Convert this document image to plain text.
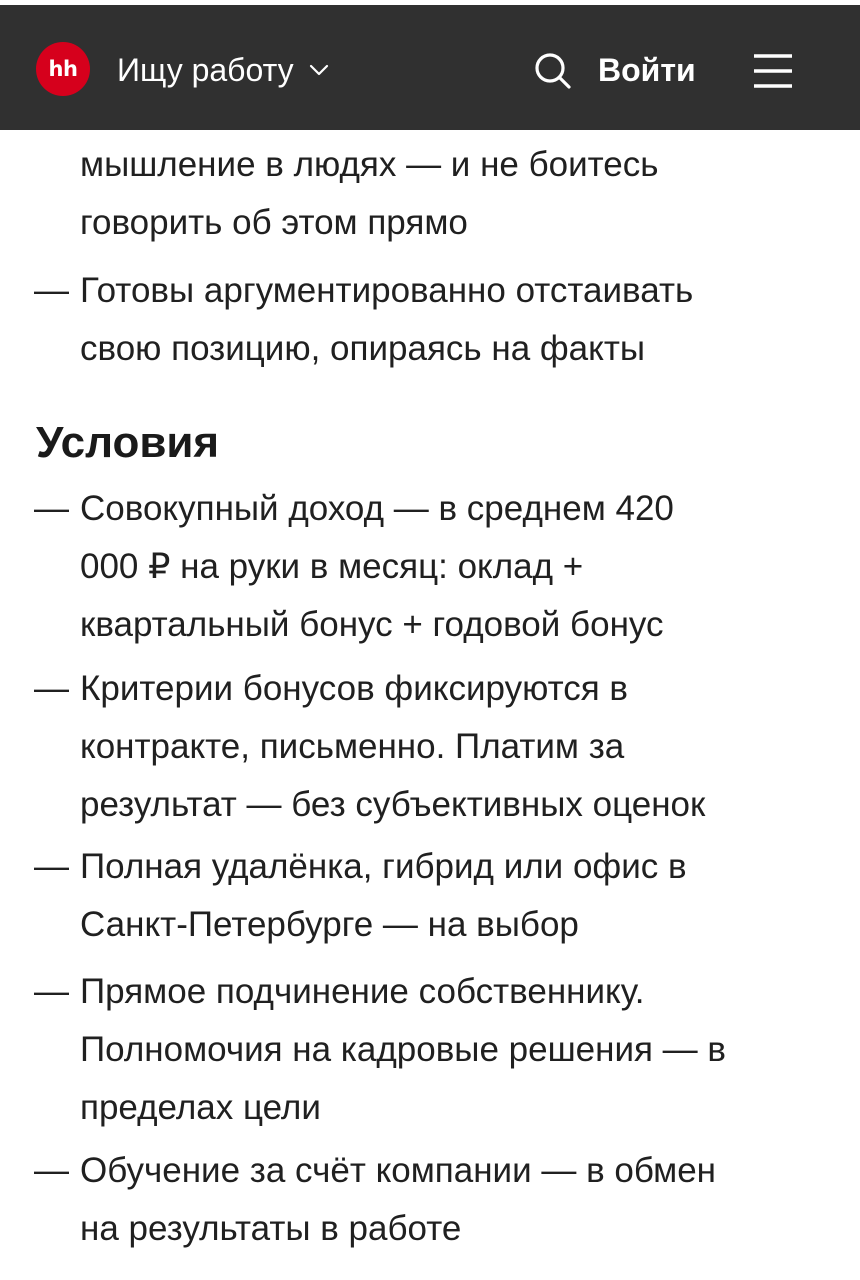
hh	Ищу работу	Войти
мышление в людях — и не боитесь
говорить об этом прямо
— Готовы аргументированно отстаивать
свою позицию, опираясь на факты
Условия
— Совокупный доход — в среднем 420
000 ₽ на руки в месяц: оклад +
квартальный бонус + годовой бонус
— Критерии бонусов фиксируются в
контракте, письменно. Платим за
результат — без субъективных оценок
— Полная удалёнка, гибрид или офис в
Санкт-Петербурге — на выбор
— Прямое подчинение собственнику.
Полномочия на кадровые решения — в
пределах цели
— Обучение за счёт компании — в обмен
на результаты в работе
